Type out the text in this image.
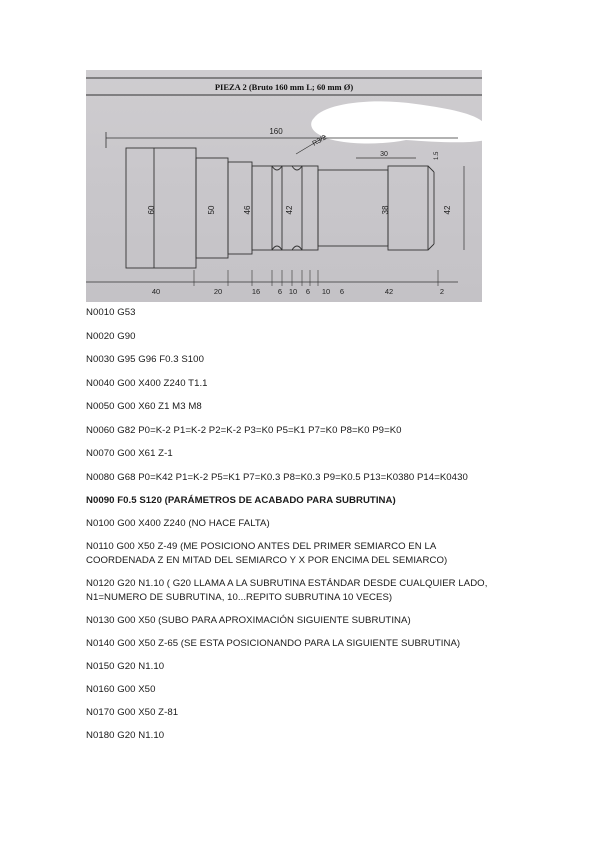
PIEZA 2 (Bruto 160 mm L; 60 mm Ø)
160
R3/2
30
60	50	46	42	38	42
1.5
40	20	16 6 10 6 10 6	42	2

N0010 G53

N0020 G90

N0030 G95 G96 F0.3 S100

N0040 G00 X400 Z240 T1.1

N0050 G00 X60 Z1 M3 M8

N0060 G82 P0=K-2 P1=K-2 P2=K-2 P3=K0 P5=K1 P7=K0 P8=K0 P9=K0

N0070 G00 X61 Z-1

N0080 G68 P0=K42 P1=K-2 P5=K1 P7=K0.3 P8=K0.3 P9=K0.5 P13=K0380 P14=K0430

N0090 F0.5 S120 (PARÁMETROS DE ACABADO PARA SUBRUTINA)

N0100 G00 X400 Z240 (NO HACE FALTA)

N0110 G00 X50 Z-49 (ME POSICIONO ANTES DEL PRIMER SEMIARCO EN LA

COORDENADA Z EN MITAD DEL SEMIARCO Y X POR ENCIMA DEL SEMIARCO)

N0120 G20 N1.10 ( G20 LLAMA A LA SUBRUTINA ESTÁNDAR DESDE CUALQUIER LADO,

N1=NUMERO DE SUBRUTINA, 10...REPITO SUBRUTINA 10 VECES)

N0130 G00 X50 (SUBO PARA APROXIMACIÓN SIGUIENTE SUBRUTINA)

N0140 G00 X50 Z-65 (SE ESTA POSICIONANDO PARA LA SIGUIENTE SUBRUTINA)

N0150 G20 N1.10

N0160 G00 X50

N0170 G00 X50 Z-81

N0180 G20 N1.10
